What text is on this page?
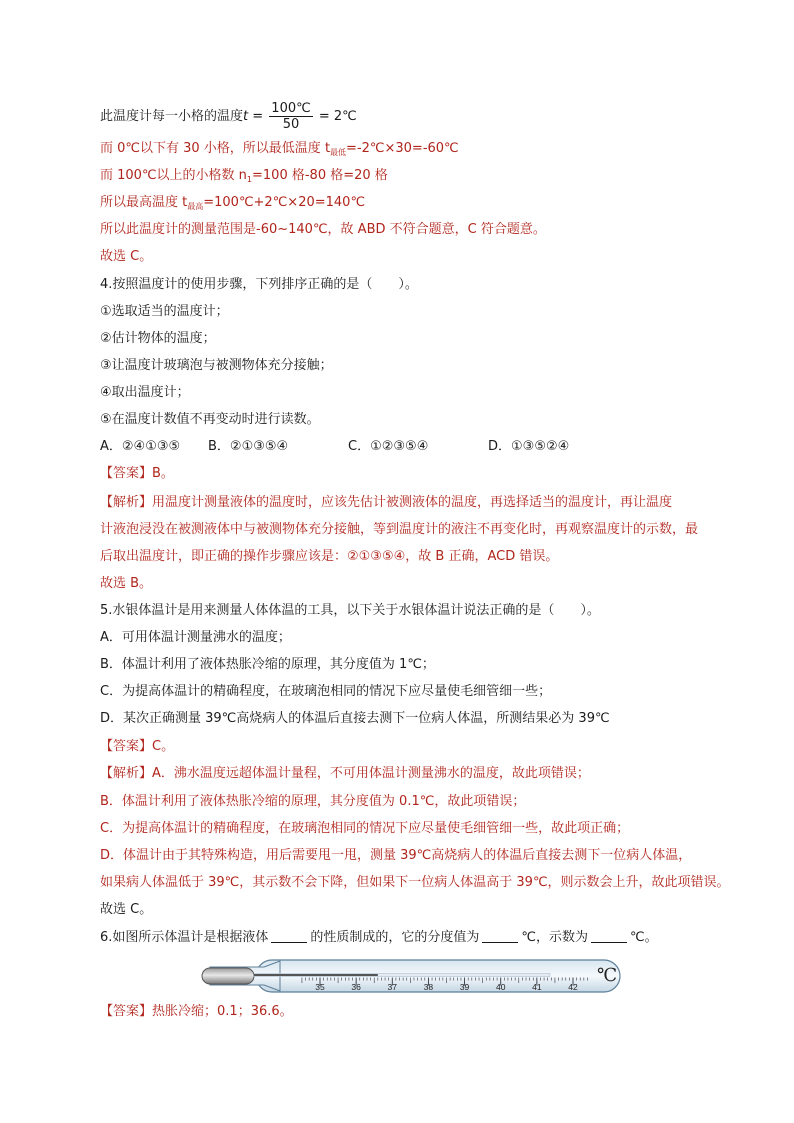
此温度计每一小格的温度$t = \frac{100℃}{50}$ = 2℃
而 0℃以下有 30 小格，所以最低温度 $t_{最低}=-2℃\times 30=-60℃$
而 100℃以上的小格数 $n_1=100$ 格-80 格=20 格
所以最高温度 $t_{最高}=100℃+2℃\times 20=140℃$
所以此温度计的测量范围是-60~140℃，故 ABD 不符合题意，C 符合题意。
故选 C。
4.按照温度计的使用步骤，下列排序正确的是（　　）。
①选取适当的温度计；
②估计物体的温度；
③让温度计玻璃泡与被测物体充分接触；
④取出温度计；
⑤在温度计数值不再变动时进行读数。
A．②④①③⑤ B．②①③⑤④	C．①②③⑤④	D．①③⑤②④
【答案】B。
【解析】用温度计测量液体的温度时，应该先估计被测液体的温度，再选择适当的温度计，再让温度
计液泡浸没在被测液体中与被测物体充分接触，等到温度计的液注不再变化时，再观察温度计的示数，最
后取出温度计，即正确的操作步骤应该是：②①③⑤④，故 B 正确，ACD 错误。
故选 B。
5.水银体温计是用来测量人体体温的工具，以下关于水银体温计说法正确的是（　　）。
A．可用体温计测量沸水的温度；
B．体温计利用了液体热胀冷缩的原理，其分度值为 1℃；
C．为提高体温计的精确程度，在玻璃泡相同的情况下应尽量使毛细管细一些；
D．某次正确测量 39℃高烧病人的体温后直接去测下一位病人体温，所测结果必为 39℃
【答案】C。
【解析】A．沸水温度远超体温计量程，不可用体温计测量沸水的温度，故此项错误；
B．体温计利用了液体热胀冷缩的原理，其分度值为 0.1℃，故此项错误；
C．为提高体温计的精确程度，在玻璃泡相同的情况下应尽量使毛细管细一些，故此项正确；
D．体温计由于其特殊构造，用后需要甩一甩，测量 39℃高烧病人的体温后直接去测下一位病人体温，
如果病人体温低于 39℃，其示数不会下降，但如果下一位病人体温高于 39℃，则示数会上升，故此项错误。
故选 C。
6.如图所示体温计是根据液体	的性质制成的，它的分度值为	℃，示数为	℃。
35	36	37	38	39	40	41	42
℃
【答案】热胀冷缩；0.1；36.6。
